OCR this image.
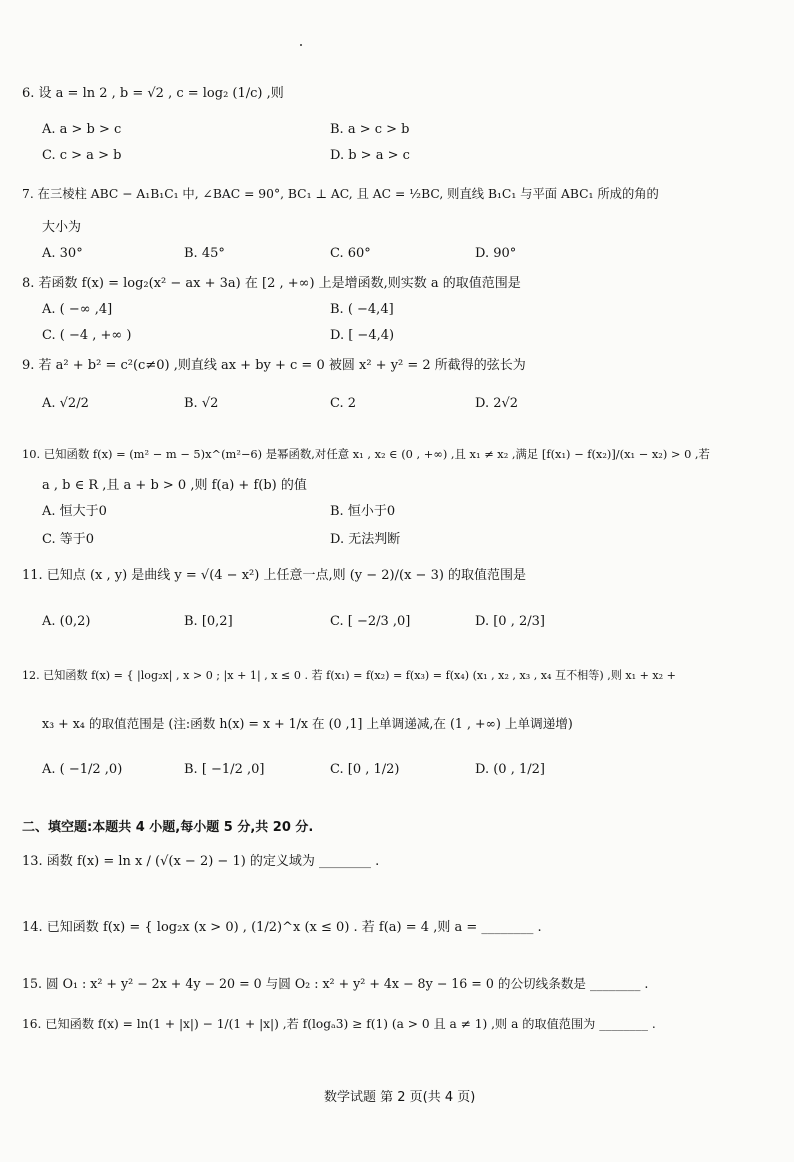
6. 设 a = ln 2 , b = √2 , c = log₂ (1/c) ,则
A. a > b > c	B. a > c > b
C. c > a > b	D. b > a > c
7. 在三棱柱 ABC − A₁B₁C₁ 中, ∠BAC = 90°, BC₁ ⊥ AC, 且 AC = ½BC, 则直线 B₁C₁ 与平面 ABC₁ 所成的角的
大小为
A. 30°	B. 45°	C. 60°	D. 90°
8. 若函数 f(x) = log₂(x² − ax + 3a) 在 [2 , +∞) 上是增函数,则实数 a 的取值范围是
A. ( −∞ ,4]	B. ( −4,4]
C. ( −4 , +∞ )	D. [ −4,4)
9. 若 a² + b² = c²(c≠0) ,则直线 ax + by + c = 0 被圆 x² + y² = 2 所截得的弦长为
A. √2/2	B. √2	C. 2	D. 2√2
10. 已知函数 f(x) = (m² − m − 5)x^(m²−6) 是幂函数,对任意 x₁ , x₂ ∈ (0 , +∞) ,且 x₁ ≠ x₂ ,满足 [f(x₁) − f(x₂)]/(x₁ − x₂) > 0 ,若
a , b ∈ R ,且 a + b > 0 ,则 f(a) + f(b) 的值
A. 恒大于0	B. 恒小于0
C. 等于0	D. 无法判断
11. 已知点 (x , y) 是曲线 y = √(4 − x²) 上任意一点,则 (y − 2)/(x − 3) 的取值范围是
A. (0,2)	B. [0,2]	C. [ −2/3 ,0]	D. [0 , 2/3]
12. 已知函数 f(x) = { |log₂x| , x > 0 ; |x + 1| , x ≤ 0 . 若 f(x₁) = f(x₂) = f(x₃) = f(x₄) (x₁ , x₂ , x₃ , x₄ 互不相等) ,则 x₁ + x₂ +
x₃ + x₄ 的取值范围是 (注:函数 h(x) = x + 1/x 在 (0 ,1] 上单调递减,在 (1 , +∞) 上单调递增)
A. ( −1/2 ,0)	B. [ −1/2 ,0]	C. [0 , 1/2)	D. (0 , 1/2]
二、填空题:本题共 4 小题,每小题 5 分,共 20 分.
13. 函数 f(x) = ln x / (√(x − 2) − 1) 的定义域为 ________ .
14. 已知函数 f(x) = { log₂x (x > 0) , (1/2)^x (x ≤ 0) . 若 f(a) = 4 ,则 a = ________ .
15. 圆 O₁ : x² + y² − 2x + 4y − 20 = 0 与圆 O₂ : x² + y² + 4x − 8y − 16 = 0 的公切线条数是 ________ .
16. 已知函数 f(x) = ln(1 + |x|) − 1/(1 + |x|) ,若 f(logₐ3) ≥ f(1) (a > 0 且 a ≠ 1) ,则 a 的取值范围为 ________ .
数学试题 第 2 页(共 4 页)
